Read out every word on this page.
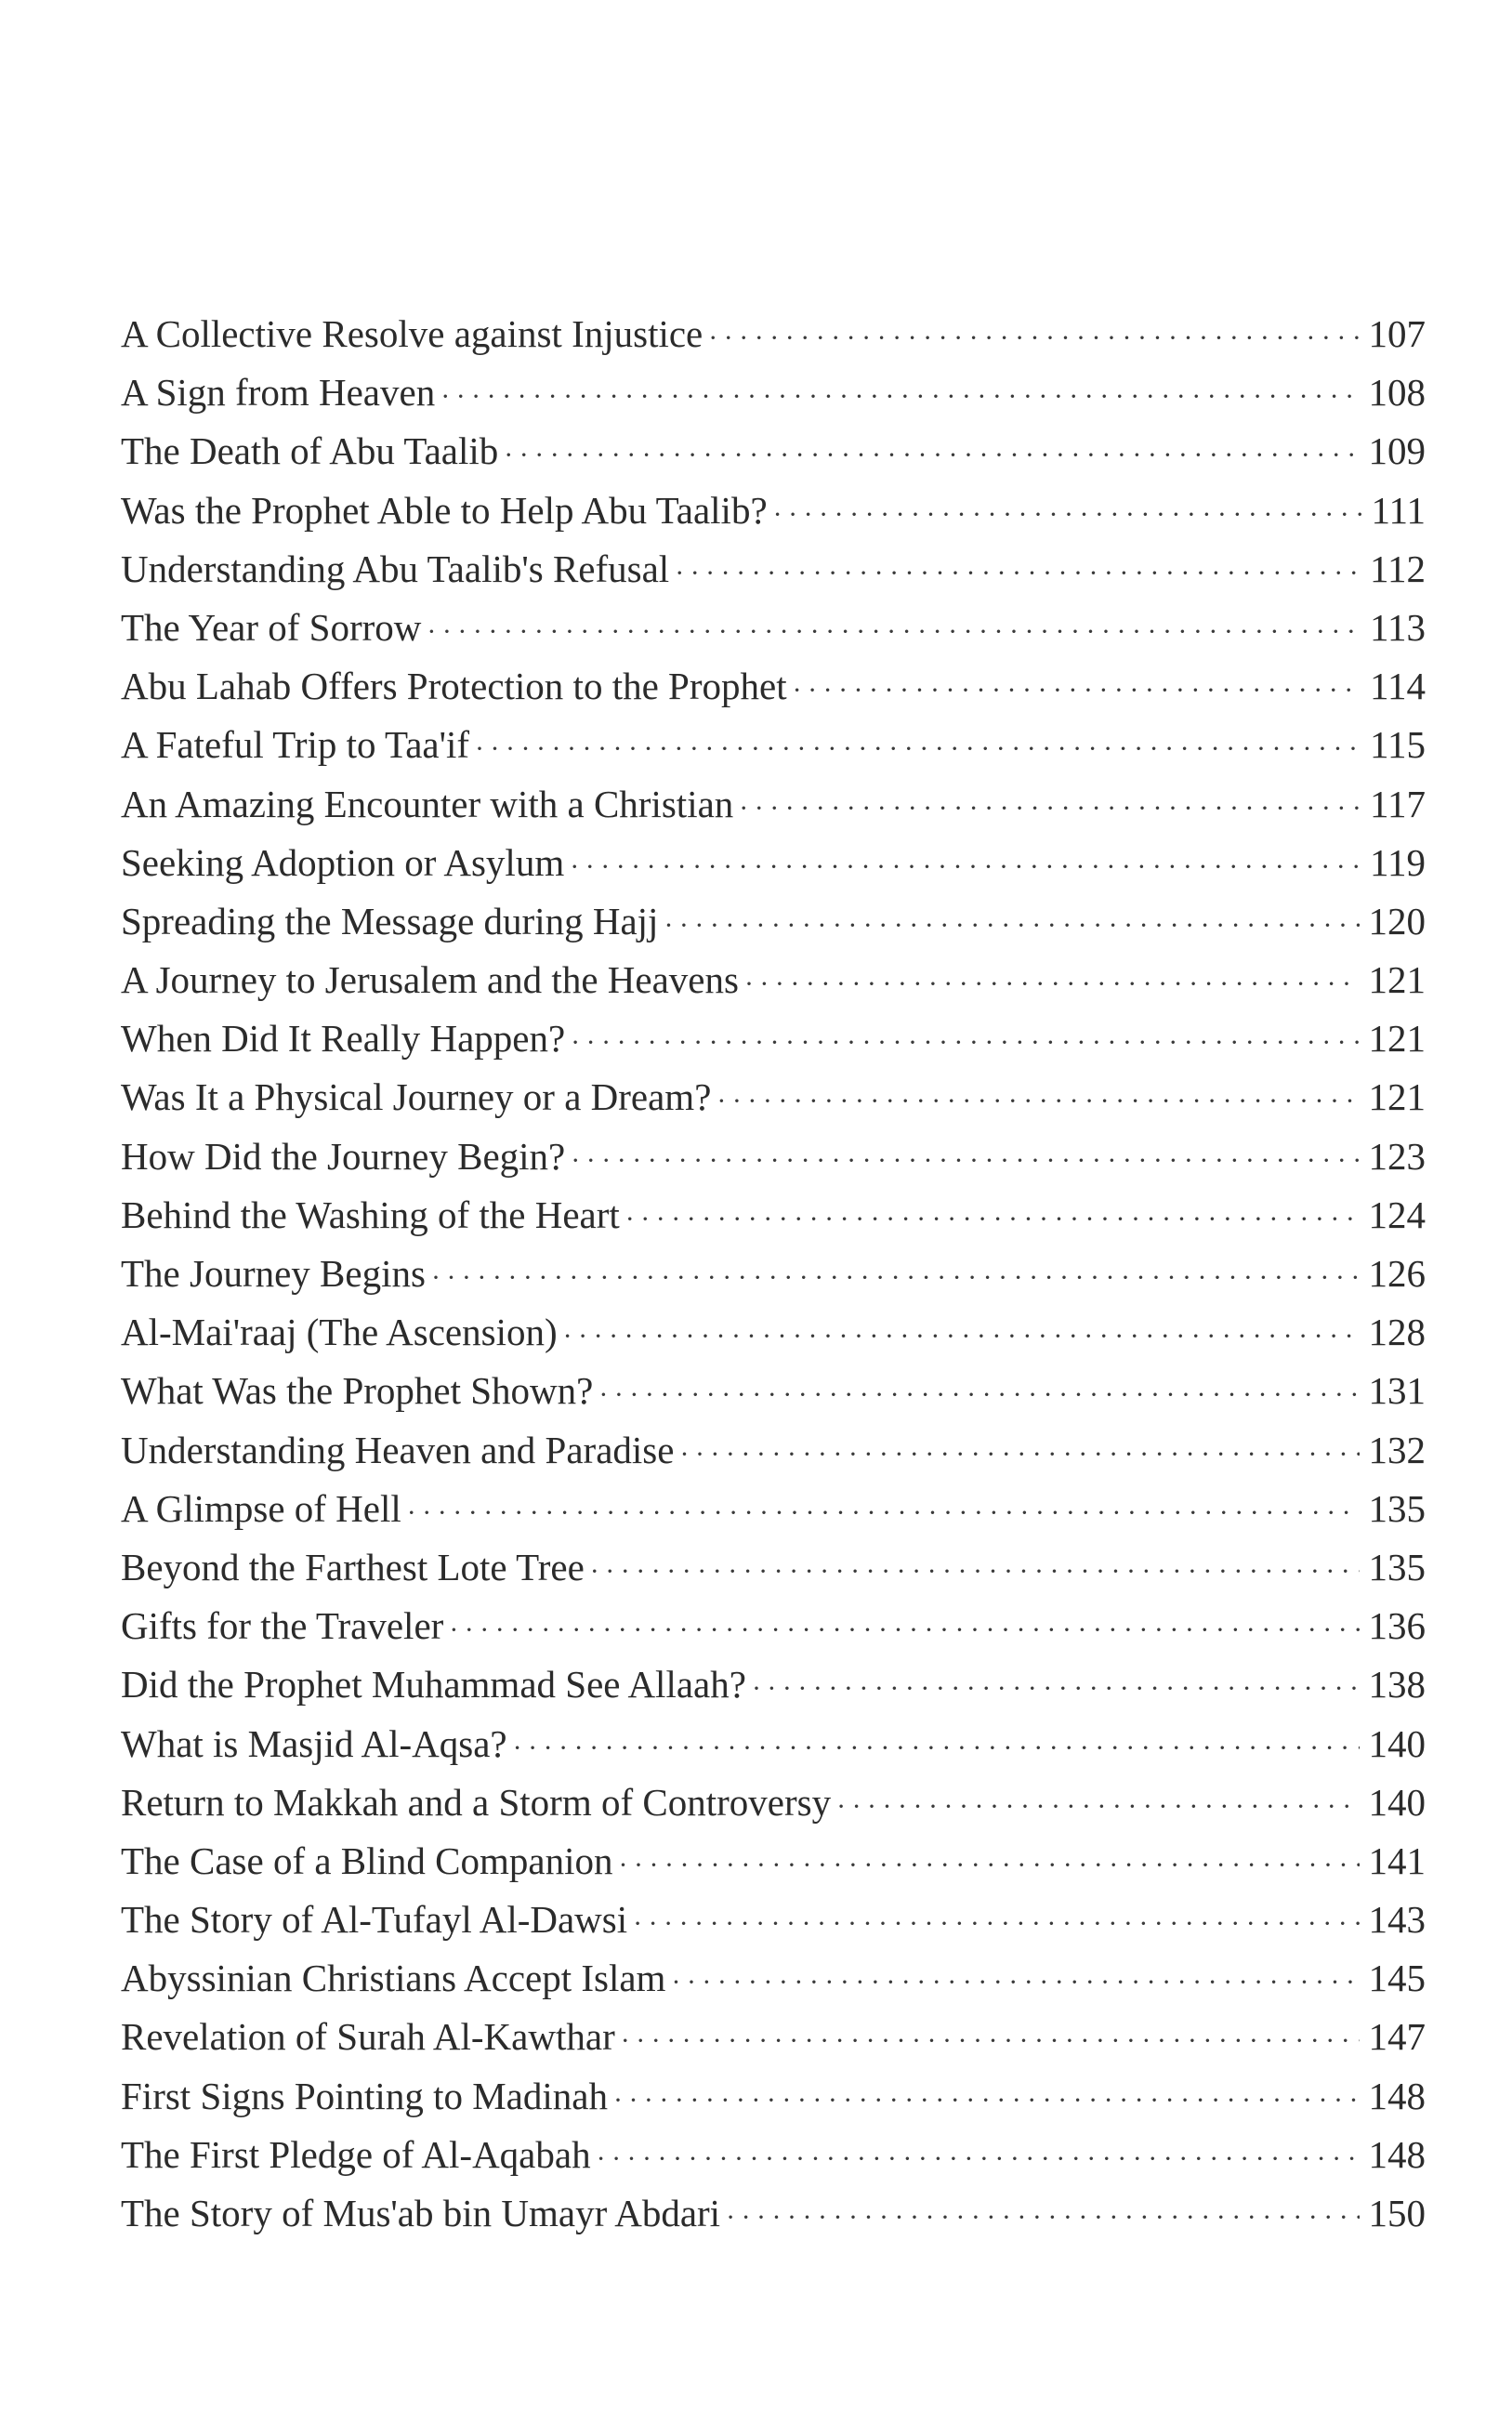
A Collective Resolve against Injustice ·····	107
A Sign from Heaven ·····	108
The Death of Abu Taalib ·····	109
Was the Prophet Able to Help Abu Taalib? ·····	111
Understanding Abu Taalib's Refusal ·····	112
The Year of Sorrow ·····	113
Abu Lahab Offers Protection to the Prophet ·····	114
A Fateful Trip to Taa'if ·····	115
An Amazing Encounter with a Christian ·····	117
Seeking Adoption or Asylum ·····	119
Spreading the Message during Hajj ·····	120
A Journey to Jerusalem and the Heavens ·····	121
When Did It Really Happen? ·····	121
Was It a Physical Journey or a Dream? ·····	121
How Did the Journey Begin? ·····	123
Behind the Washing of the Heart ·····	124
The Journey Begins ·····	126
Al-Mai'raaj (The Ascension) ·····	128
What Was the Prophet Shown? ·····	131
Understanding Heaven and Paradise ·····	132
A Glimpse of Hell ·····	135
Beyond the Farthest Lote Tree ·····	135
Gifts for the Traveler ·····	136
Did the Prophet Muhammad See Allaah? ·····	138
What is Masjid Al-Aqsa? ·····	140
Return to Makkah and a Storm of Controversy ·····	140
The Case of a Blind Companion ·····	141
The Story of Al-Tufayl Al-Dawsi ·····	143
Abyssinian Christians Accept Islam ·····	145
Revelation of Surah Al-Kawthar ·····	147
First Signs Pointing to Madinah ·····	148
The First Pledge of Al-Aqabah ·····	148
The Story of Mus'ab bin Umayr Abdari ·····	150
